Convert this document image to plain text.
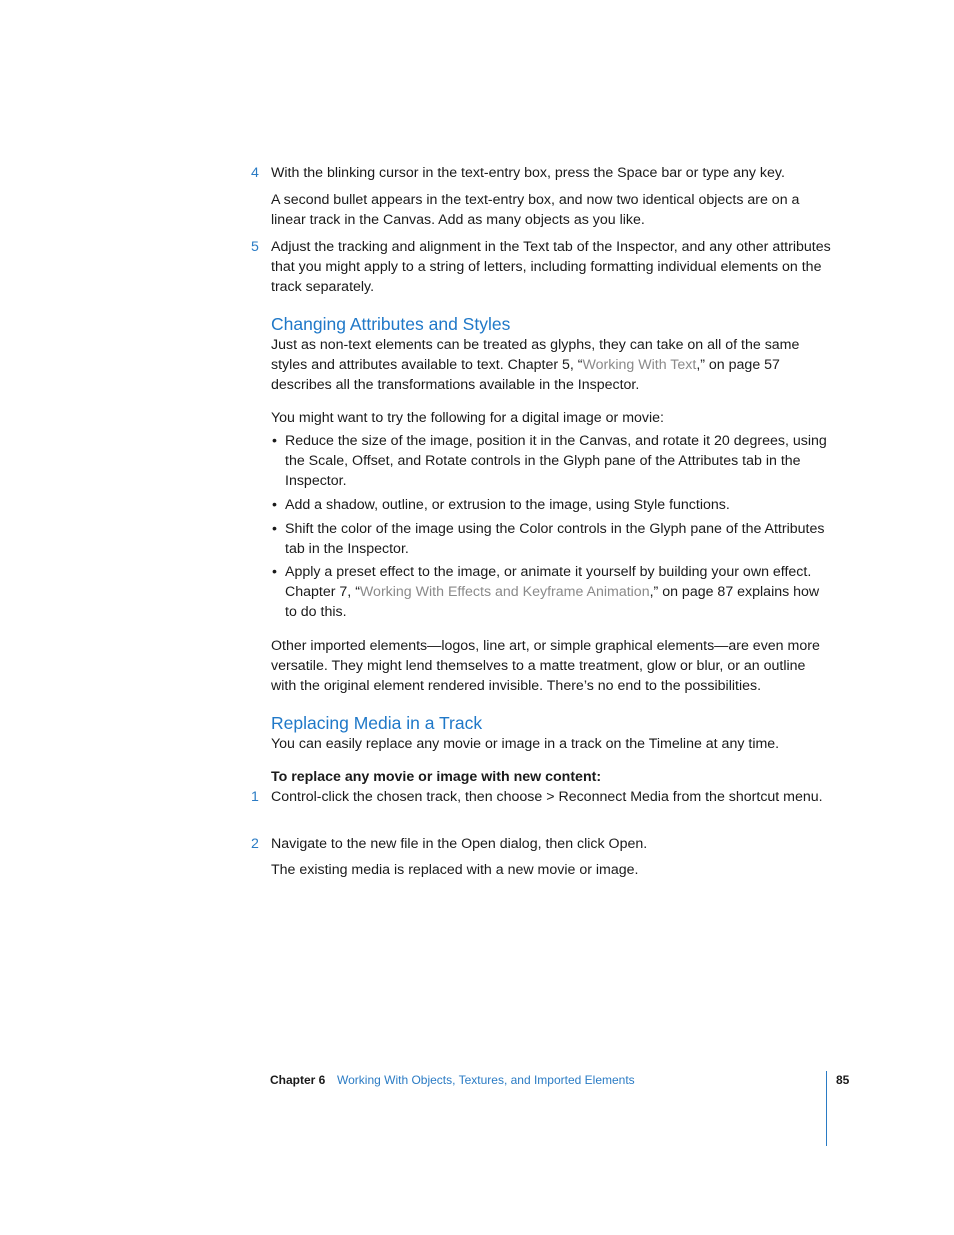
4 With the blinking cursor in the text-entry box, press the Space bar or type any key.
A second bullet appears in the text-entry box, and now two identical objects are on a linear track in the Canvas. Add as many objects as you like.
5 Adjust the tracking and alignment in the Text tab of the Inspector, and any other attributes that you might apply to a string of letters, including formatting individual elements on the track separately.
Changing Attributes and Styles
Just as non-text elements can be treated as glyphs, they can take on all of the same styles and attributes available to text. Chapter 5, “Working With Text,” on page 57 describes all the transformations available in the Inspector.
You might want to try the following for a digital image or movie:
• Reduce the size of the image, position it in the Canvas, and rotate it 20 degrees, using the Scale, Offset, and Rotate controls in the Glyph pane of the Attributes tab in the Inspector.
• Add a shadow, outline, or extrusion to the image, using Style functions.
• Shift the color of the image using the Color controls in the Glyph pane of the Attributes tab in the Inspector.
• Apply a preset effect to the image, or animate it yourself by building your own effect. Chapter 7, “Working With Effects and Keyframe Animation,” on page 87 explains how to do this.
Other imported elements—logos, line art, or simple graphical elements—are even more versatile. They might lend themselves to a matte treatment, glow or blur, or an outline with the original element rendered invisible. There’s no end to the possibilities.
Replacing Media in a Track
You can easily replace any movie or image in a track on the Timeline at any time.
To replace any movie or image with new content:
1 Control-click the chosen track, then choose > Reconnect Media from the shortcut menu.
2 Navigate to the new file in the Open dialog, then click Open.
The existing media is replaced with a new movie or image.
Chapter 6 Working With Objects, Textures, and Imported Elements	85
